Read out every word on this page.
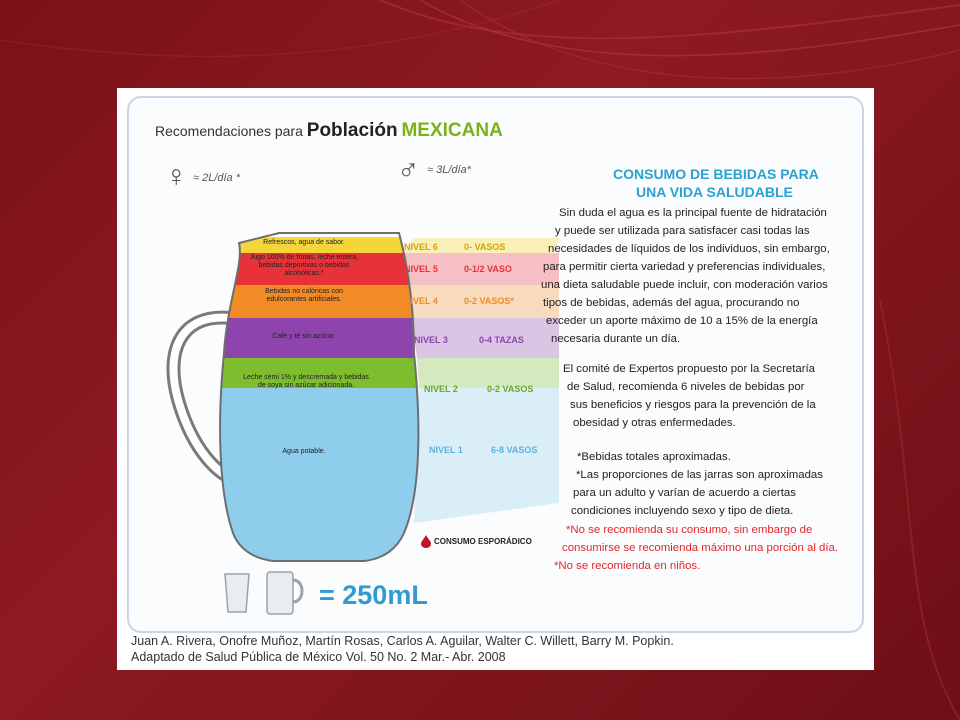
Recomendaciones para Población MEXICANA
♀ ≈ 2L/día *	♂ ≈ 3L/día*
Refrescos, agua de sabor.
Jugo 100% de frutas, leche entera, bebidas deportivas o bebidas alcohólicas.*
Bebidas no calóricas con edulcorantes artificiales.
Café y té sin azúcar.
Leche semi 1% y descremada y bebidas de soya sin azúcar adicionada.
Agua potable.
NIVEL 6	0- VASOS
NIVEL 5	0-1/2 VASO
NIVEL 4	0-2 VASOS*
NIVEL 3	0-4 TAZAS
NIVEL 2	0-2 VASOS
NIVEL 1	6-8 VASOS
CONSUMO ESPORÁDICO
= 250mL
CONSUMO DE BEBIDAS PARA
UNA VIDA SALUDABLE
Sin duda el agua es la principal fuente de hidratación
y puede ser utilizada para satisfacer casi todas las
necesidades de líquidos de los individuos, sin embargo,
para permitir cierta variedad y preferencias individuales,
una dieta saludable puede incluir, con moderación varios
tipos de bebidas, además del agua, procurando no
exceder un aporte máximo de 10 a 15% de la energía
necesaria durante un día.
El comité de Expertos propuesto por la Secretaría
de Salud, recomienda 6 niveles de bebidas por
sus beneficios y riesgos para la prevención de la
obesidad y otras enfermedades.
*Bebidas totales aproximadas.
*Las proporciones de las jarras son aproximadas
para un adulto y varían de acuerdo a ciertas
condiciones incluyendo sexo y tipo de dieta.
*No se recomienda su consumo, sin embargo de
consumirse se recomienda máximo una porción al día.
*No se recomienda en niños.
Juan A. Rivera, Onofre Muñoz, Martín Rosas, Carlos A. Aguilar, Walter C. Willett, Barry M. Popkin.
Adaptado de Salud Pública de México Vol. 50 No. 2 Mar.- Abr. 2008
